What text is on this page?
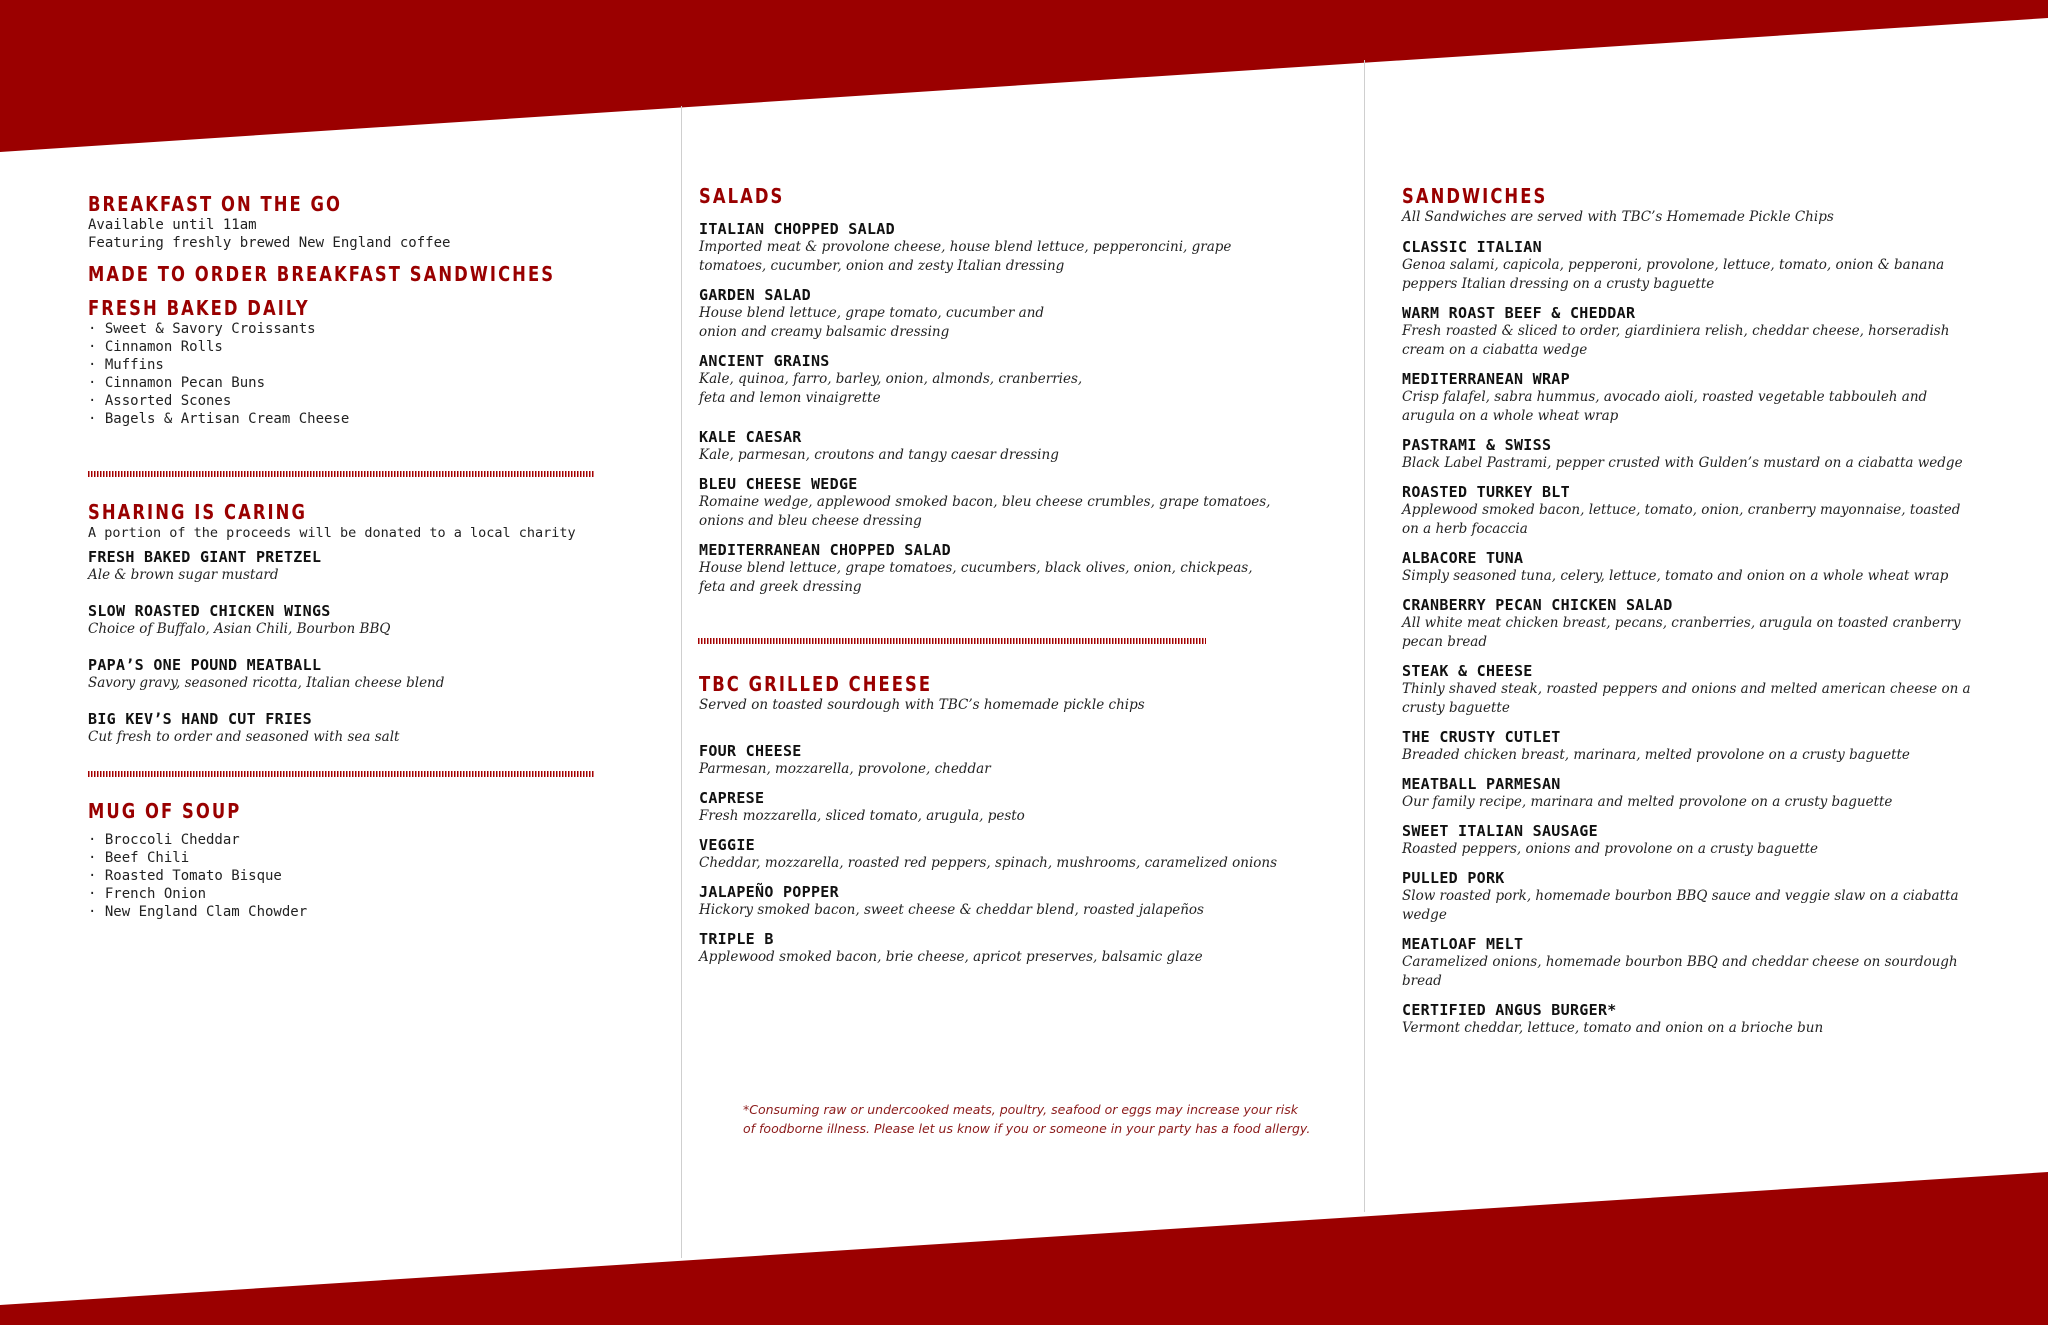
BREAKFAST ON THE GO
Available until 11am
Featuring freshly brewed New England coffee
MADE TO ORDER BREAKFAST SANDWICHES
FRESH BAKED DAILY
· Sweet & Savory Croissants
· Cinnamon Rolls
· Muffins
· Cinnamon Pecan Buns
· Assorted Scones
· Bagels & Artisan Cream Cheese
SHARING IS CARING
A portion of the proceeds will be donated to a local charity
FRESH BAKED GIANT PRETZEL
Ale & brown sugar mustard
SLOW ROASTED CHICKEN WINGS
Choice of Buffalo, Asian Chili, Bourbon BBQ
PAPA’S ONE POUND MEATBALL
Savory gravy, seasoned ricotta, Italian cheese blend
BIG KEV’S HAND CUT FRIES
Cut fresh to order and seasoned with sea salt
MUG OF SOUP
· Broccoli Cheddar
· Beef Chili
· Roasted Tomato Bisque
· French Onion
· New England Clam Chowder
SALADS
ITALIAN CHOPPED SALAD
Imported meat & provolone cheese, house blend lettuce, pepperoncini, grape tomatoes, cucumber, onion and zesty Italian dressing
GARDEN SALAD
House blend lettuce, grape tomato, cucumber and onion and creamy balsamic dressing
ANCIENT GRAINS
Kale, quinoa, farro, barley, onion, almonds, cranberries, feta and lemon vinaigrette
KALE CAESAR
Kale, parmesan, croutons and tangy caesar dressing
BLEU CHEESE WEDGE
Romaine wedge, applewood smoked bacon, bleu cheese crumbles, grape tomatoes, onions and bleu cheese dressing
MEDITERRANEAN CHOPPED SALAD
House blend lettuce, grape tomatoes, cucumbers, black olives, onion, chickpeas, feta and greek dressing
TBC GRILLED CHEESE
Served on toasted sourdough with TBC’s homemade pickle chips
FOUR CHEESE
Parmesan, mozzarella, provolone, cheddar
CAPRESE
Fresh mozzarella, sliced tomato, arugula, pesto
VEGGIE
Cheddar, mozzarella, roasted red peppers, spinach, mushrooms, caramelized onions
JALAPEÑO POPPER
Hickory smoked bacon, sweet cheese & cheddar blend, roasted jalapeños
TRIPLE B
Applewood smoked bacon, brie cheese, apricot preserves, balsamic glaze
*Consuming raw or undercooked meats, poultry, seafood or eggs may increase your risk of foodborne illness. Please let us know if you or someone in your party has a food allergy.
SANDWICHES
All Sandwiches are served with TBC’s Homemade Pickle Chips
CLASSIC ITALIAN
Genoa salami, capicola, pepperoni, provolone, lettuce, tomato, onion & banana peppers Italian dressing on a crusty baguette
WARM ROAST BEEF & CHEDDAR
Fresh roasted & sliced to order, giardiniera relish, cheddar cheese, horseradish cream on a ciabatta wedge
MEDITERRANEAN WRAP
Crisp falafel, sabra hummus, avocado aioli, roasted vegetable tabbouleh and arugula on a whole wheat wrap
PASTRAMI & SWISS
Black Label Pastrami, pepper crusted with Gulden’s mustard on a ciabatta wedge
ROASTED TURKEY BLT
Applewood smoked bacon, lettuce, tomato, onion, cranberry mayonnaise, toasted on a herb focaccia
ALBACORE TUNA
Simply seasoned tuna, celery, lettuce, tomato and onion on a whole wheat wrap
CRANBERRY PECAN CHICKEN SALAD
All white meat chicken breast, pecans, cranberries, arugula on toasted cranberry pecan bread
STEAK & CHEESE
Thinly shaved steak, roasted peppers and onions and melted american cheese on a crusty baguette
THE CRUSTY CUTLET
Breaded chicken breast, marinara, melted provolone on a crusty baguette
MEATBALL PARMESAN
Our family recipe, marinara and melted provolone on a crusty baguette
SWEET ITALIAN SAUSAGE
Roasted peppers, onions and provolone on a crusty baguette
PULLED PORK
Slow roasted pork, homemade bourbon BBQ sauce and veggie slaw on a ciabatta wedge
MEATLOAF MELT
Caramelized onions, homemade bourbon BBQ and cheddar cheese on sourdough bread
CERTIFIED ANGUS BURGER*
Vermont cheddar, lettuce, tomato and onion on a brioche bun
